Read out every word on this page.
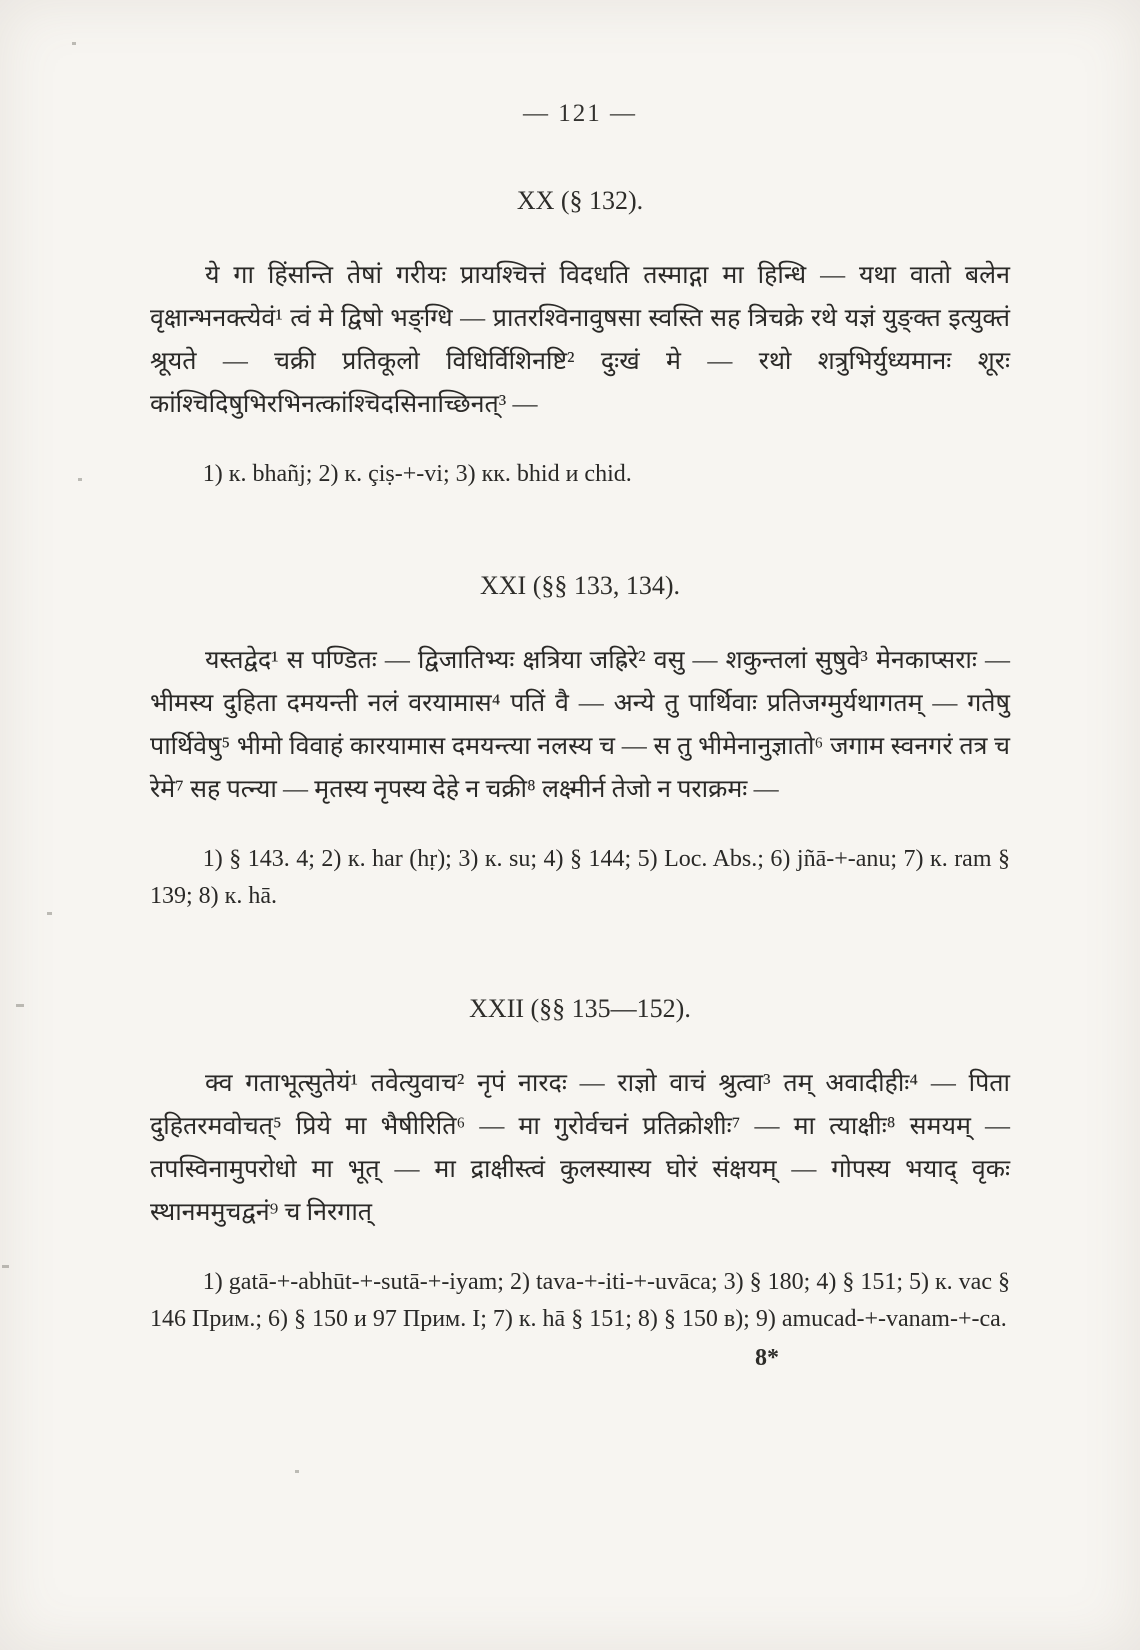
— 121 —
XX (§ 132).

ये गा हिंसन्ति तेषां गरीयः प्रायश्चित्तं विदधति तस्माद्गा मा हिन्धि — यथा वातो बलेन वृक्षान्भनक्त्येवं¹ त्वं मे द्विषो भङ्ग्धि — प्रातरश्विनावुषसा स्वस्ति सह त्रिचक्रे रथे यज्ञं युङ्क्त इत्युक्तं श्रूयते — चक्री प्रतिकूलो विधिर्विशिनष्टि² दुःखं मे — रथो शत्रुभिर्युध्यमानः शूरः कांश्चिदिषुभिरभिनत्कांश्चिदसिनाच्छिनत्³ —

1) к. bhañj; 2) к. çiṣ-+-vi; 3) кк. bhid и chid.

XXI (§§ 133, 134).

यस्तद्वेद¹ स पण्डितः — द्विजातिभ्यः क्षत्रिया जह्रिरे² वसु — शकुन्तलां सुषुवे³ मेनकाप्सराः — भीमस्य दुहिता दमयन्ती नलं वरयामास⁴ पतिं वै — अन्ये तु पार्थिवाः प्रतिजग्मुर्यथागतम् — गतेषु पार्थिवेषु⁵ भीमो विवाहं कारयामास दमयन्त्या नलस्य च — स तु भीमेनानुज्ञातो⁶ जगाम स्वनगरं तत्र च रेमे⁷ सह पत्न्या — मृतस्य नृपस्य देहे न चक्री⁸ लक्ष्मीर्न तेजो न पराक्रमः —

1) § 143. 4; 2) к. har (hṛ); 3) к. su; 4) § 144; 5) Loc. Abs.; 6) jñā-+-anu; 7) к. ram § 139; 8) к. hā.

XXII (§§ 135—152).

क्व गताभूत्सुतेयं¹ तवेत्युवाच² नृपं नारदः — राज्ञो वाचं श्रुत्वा³ तम् अवादीहीः⁴ — पिता दुहितरमवोचत्⁵ प्रिये मा भैषीरिति⁶ — मा गुरोर्वचनं प्रतिक्रोशीः⁷ — मा त्याक्षीः⁸ समयम् — तपस्विनामुपरोधो मा भूत् — मा द्राक्षीस्त्वं कुलस्यास्य घोरं संक्षयम् — गोपस्य भयाद् वृकः स्थानममुचद्वनं⁹ च निरगात्

1) gatā-+-abhūt-+-sutā-+-iyam; 2) tava-+-iti-+-uvāca; 3) § 180; 4) § 151; 5) к. vac § 146 Прим.; 6) § 150 и 97 Прим. I; 7) к. hā § 151; 8) § 150 в); 9) amucad-+-vanam-+-ca.

8*
